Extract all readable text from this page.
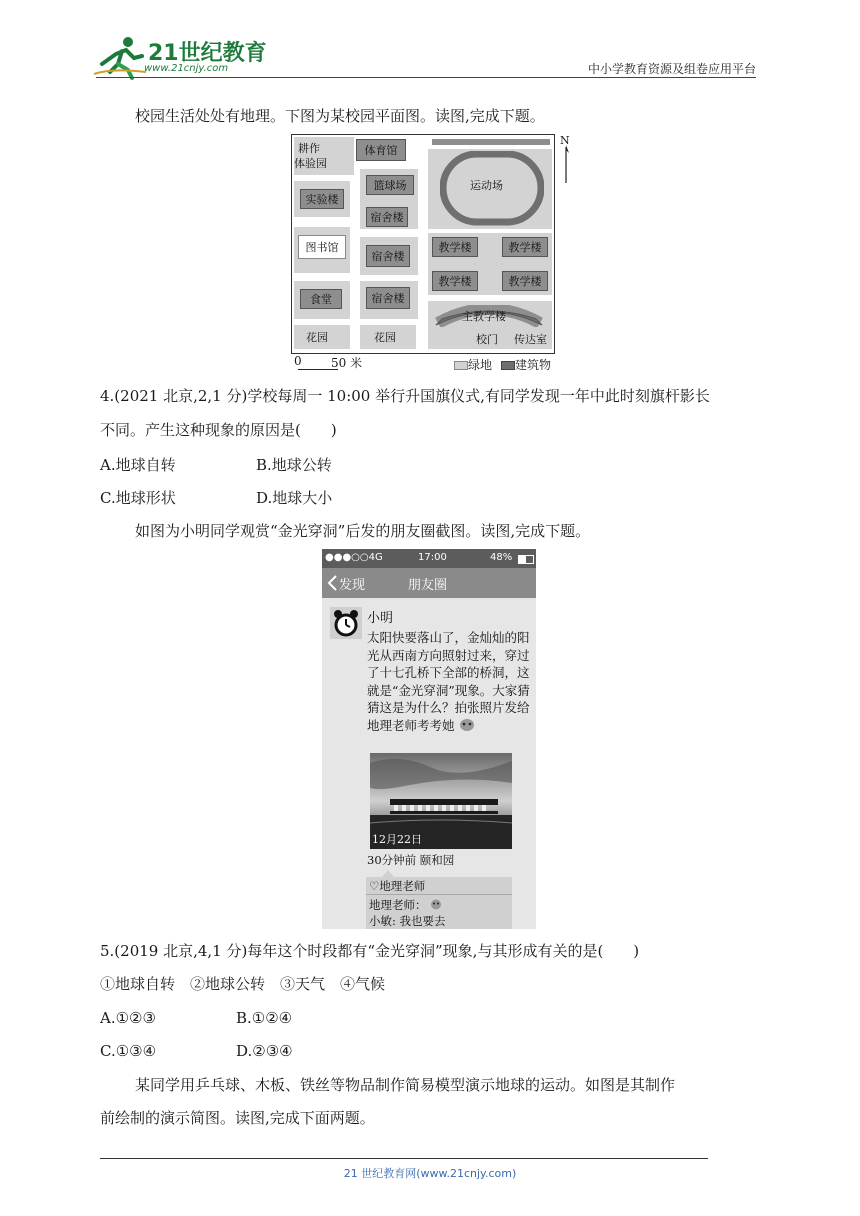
21世纪教育
www.21cnjy.com	中小学教育资源及组卷应用平台
校园生活处处有地理。下图为某校园平面图。读图,完成下题。
耕作
体验园
实验楼
图书馆
食堂
花园
体育馆
篮球场
宿舍楼
宿舍楼
宿舍楼
花园
运动场
教学楼	教学楼
教学楼	教学楼
主教学楼
校门 传达室
N
0 50 米	绿地 建筑物
4.(2021 北京,2,1 分)学校每周一 10:00 举行升国旗仪式,有同学发现一年中此时刻旗杆影长
不同。产生这种现象的原因是(　　)
A.地球自转	B.地球公转
C.地球形状	D.地球大小
如图为小明同学观赏“金光穿洞”后发的朋友圈截图。读图,完成下题。
●●●○○4G	17:00	48%
发现	朋友圈
小明
太阳快要落山了，金灿灿的阳光从西南方向照射过来，穿过了十七孔桥下全部的桥洞，这就是“金光穿洞”现象。大家猜猜这是为什么？拍张照片发给地理老师考考她
12月22日
30分钟前 颐和园
♡地理老师
地理老师：
小敏: 我也要去
5.(2019 北京,4,1 分)每年这个时段都有“金光穿洞”现象,与其形成有关的是(　　)
①地球自转　②地球公转　③天气　④气候
A.①②③	B.①②④
C.①③④	D.②③④
某同学用乒乓球、木板、铁丝等物品制作简易模型演示地球的运动。如图是其制作
前绘制的演示简图。读图,完成下面两题。
21 世纪教育网(www.21cnjy.com)
